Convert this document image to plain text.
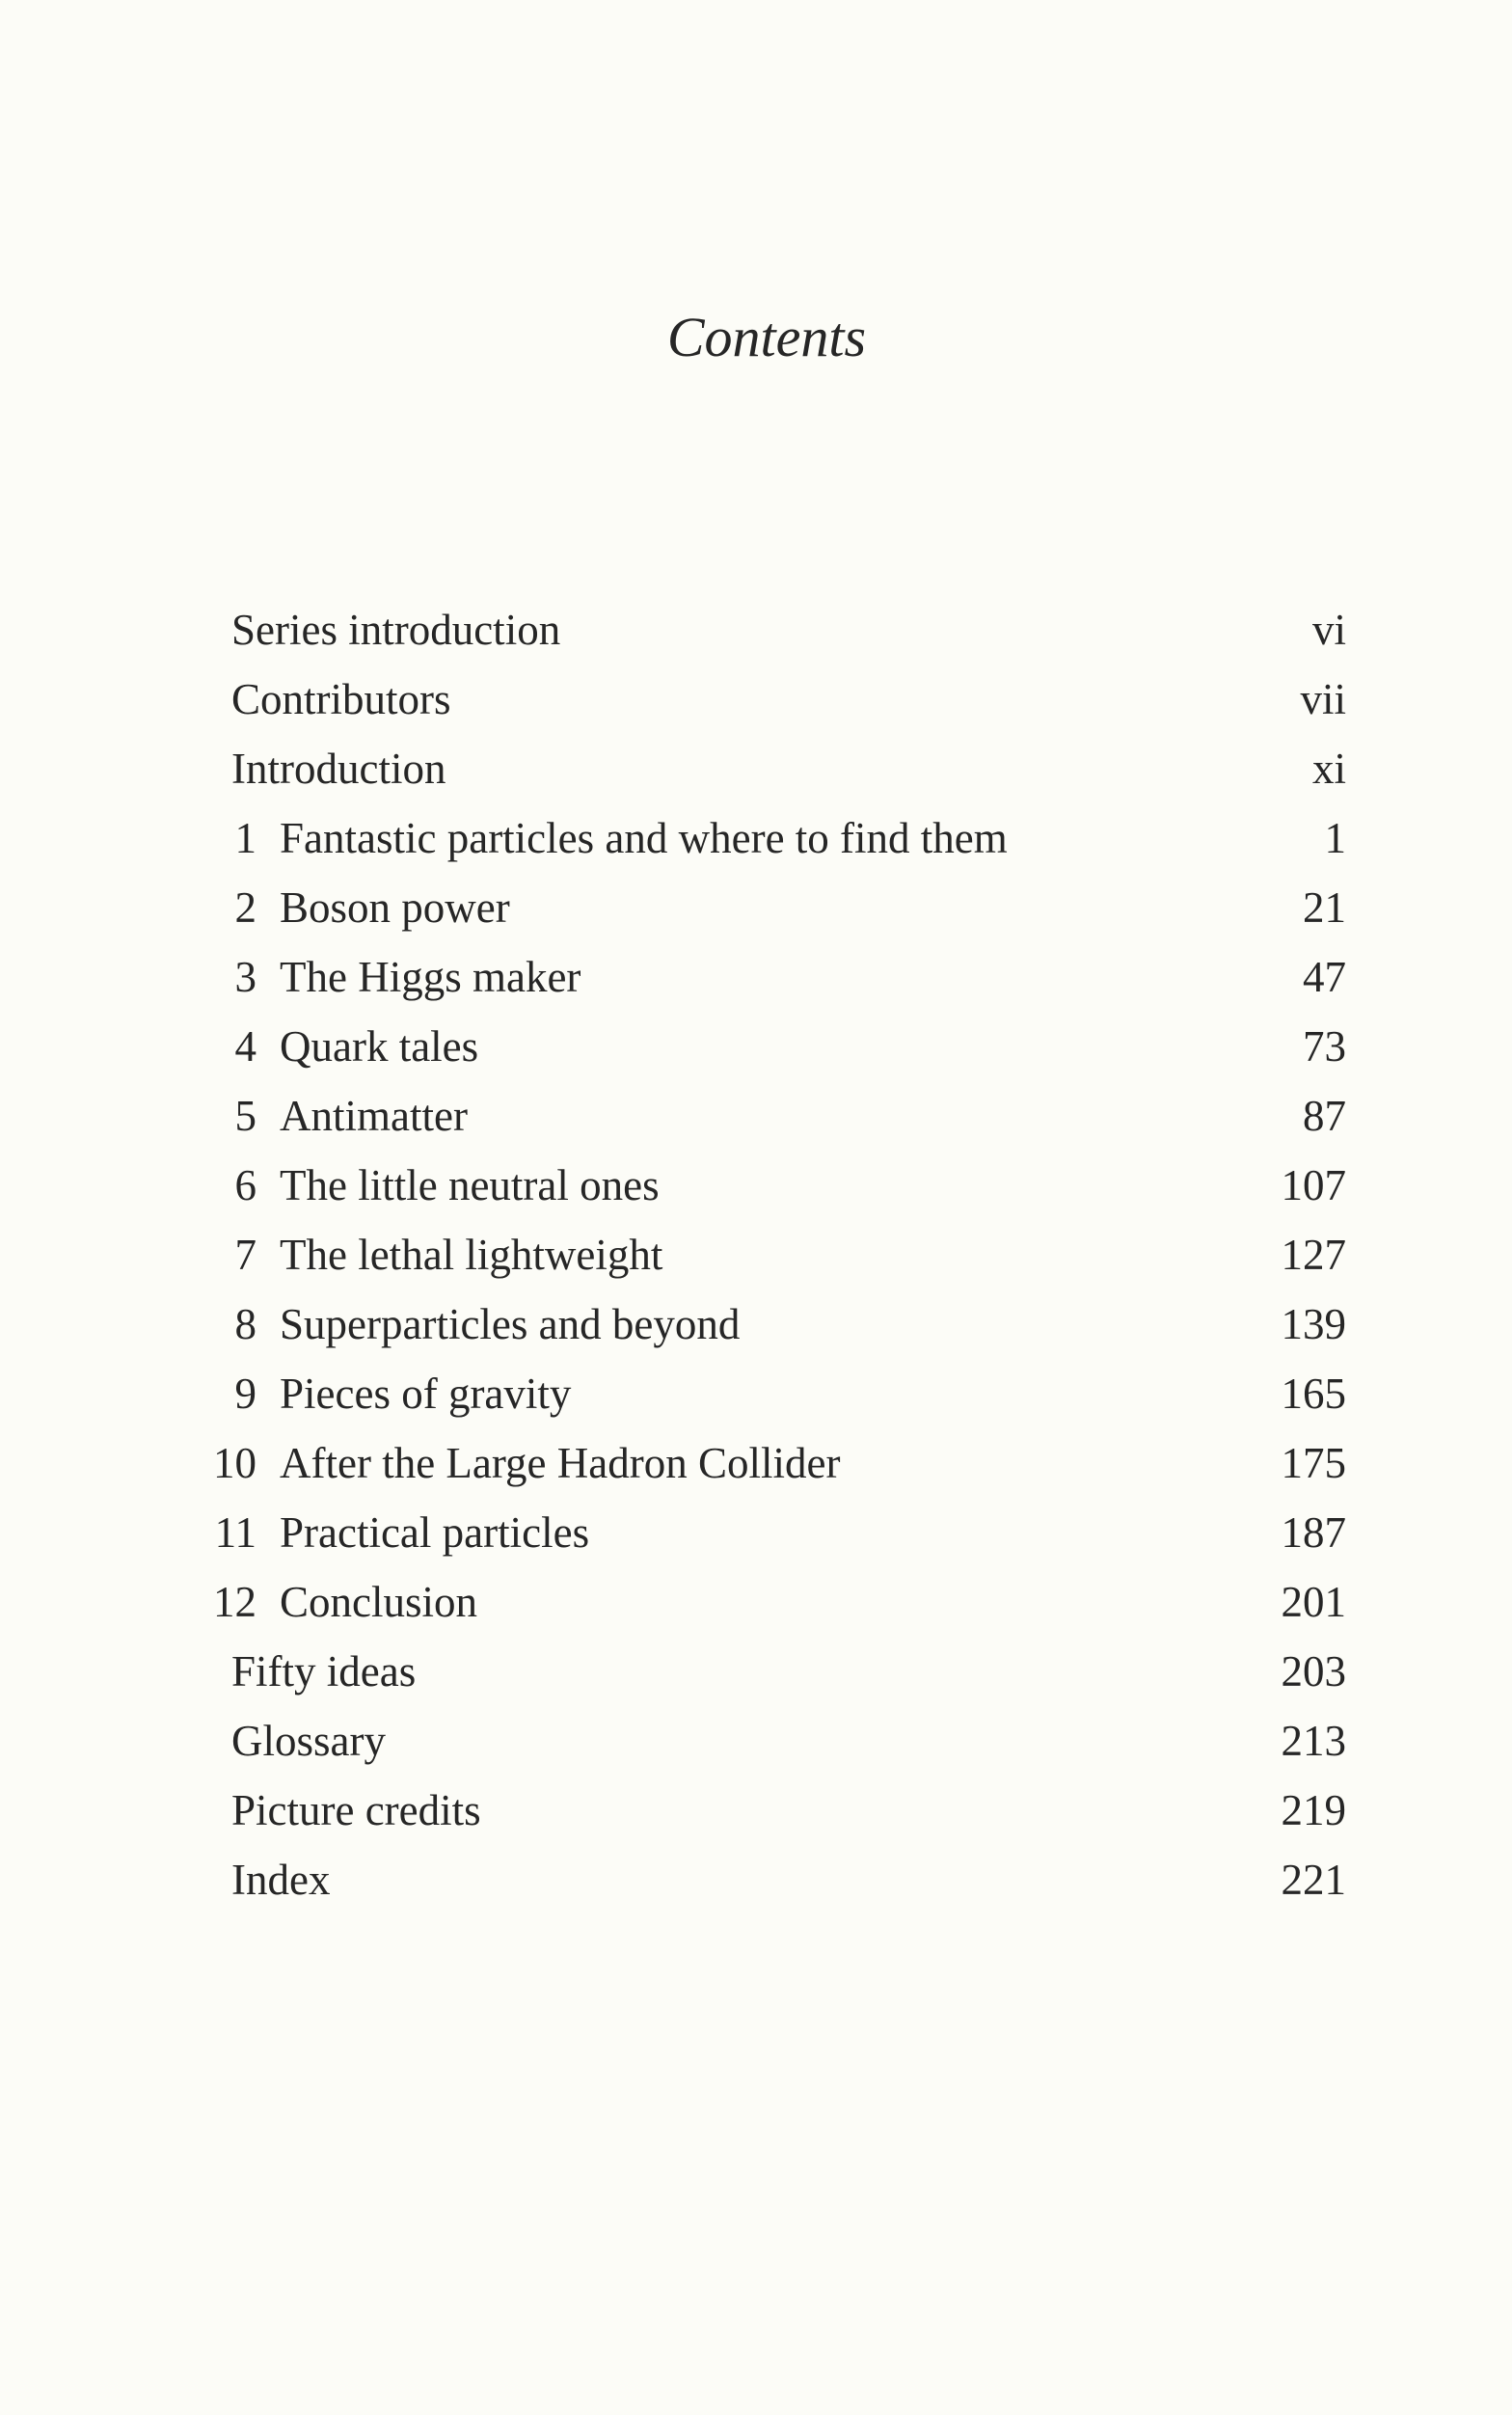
Contents
Series introduction	vi
Contributors	vii
Introduction	xi
1 Fantastic particles and where to find them	1
2 Boson power	21
3 The Higgs maker	47
4 Quark tales	73
5 Antimatter	87
6 The little neutral ones	107
7 The lethal lightweight	127
8 Superparticles and beyond	139
9 Pieces of gravity	165
10 After the Large Hadron Collider	175
11 Practical particles	187
12 Conclusion	201
Fifty ideas	203
Glossary	213
Picture credits	219
Index	221
